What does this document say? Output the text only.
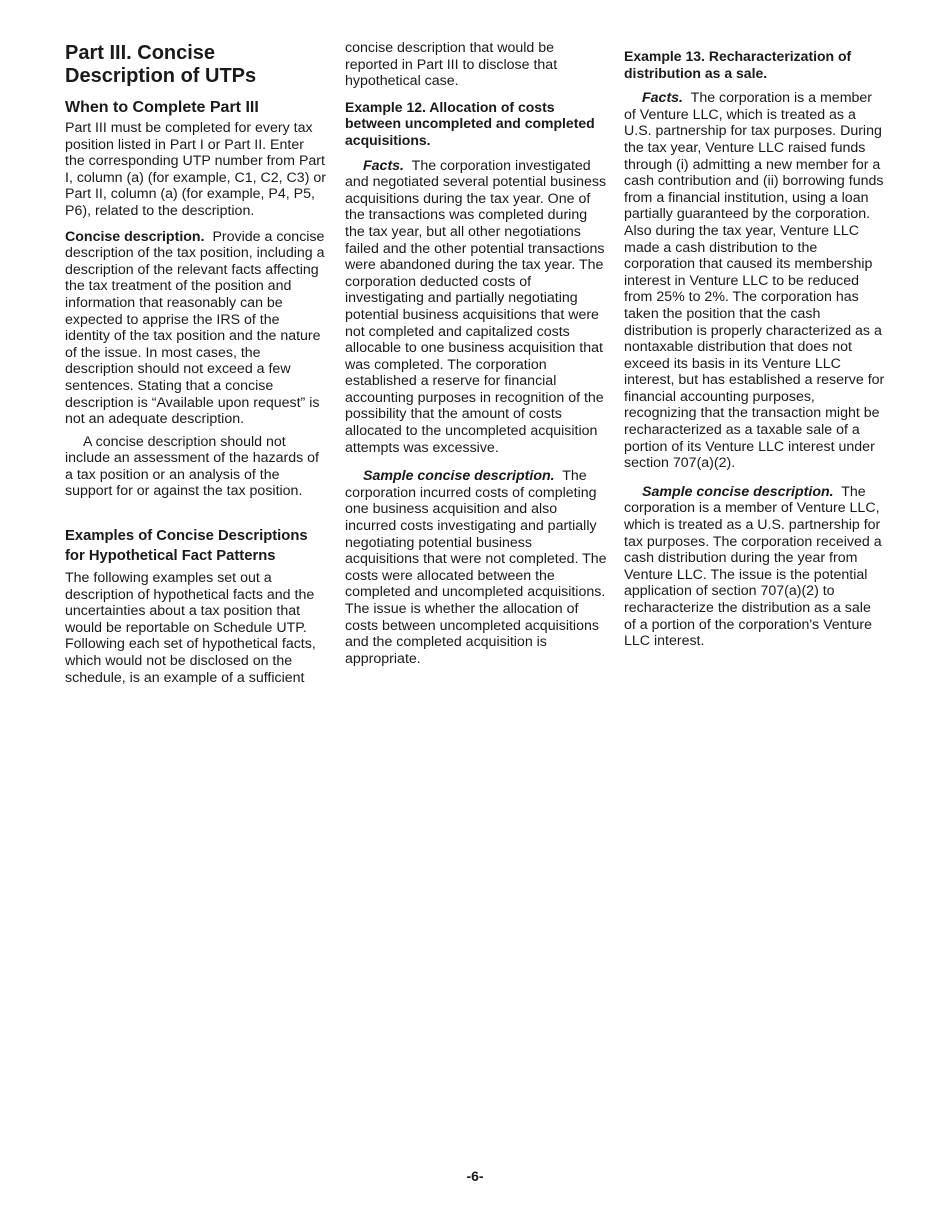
Part III. Concise Description of UTPs
When to Complete Part III

Part III must be completed for every tax position listed in Part I or Part II. Enter the corresponding UTP number from Part I, column (a) (for example, C1, C2, C3) or Part II, column (a) (for example, P4, P5, P6), related to the description.

Concise description. Provide a concise description of the tax position, including a description of the relevant facts affecting the tax treatment of the position and information that reasonably can be expected to apprise the IRS of the identity of the tax position and the nature of the issue. In most cases, the description should not exceed a few sentences. Stating that a concise description is “Available upon request” is not an adequate description.

A concise description should not include an assessment of the hazards of a tax position or an analysis of the support for or against the tax position.

Examples of Concise Descriptions for Hypothetical Fact Patterns

The following examples set out a description of hypothetical facts and the uncertainties about a tax position that would be reportable on Schedule UTP. Following each set of hypothetical facts, which would not be disclosed on the schedule, is an example of a sufficient

concise description that would be reported in Part III to disclose that hypothetical case.

Example 12. Allocation of costs between uncompleted and completed acquisitions.

Facts. The corporation investigated and negotiated several potential business acquisitions during the tax year. One of the transactions was completed during the tax year, but all other negotiations failed and the other potential transactions were abandoned during the tax year. The corporation deducted costs of investigating and partially negotiating potential business acquisitions that were not completed and capitalized costs allocable to one business acquisition that was completed. The corporation established a reserve for financial accounting purposes in recognition of the possibility that the amount of costs allocated to the uncompleted acquisition attempts was excessive.

Sample concise description. The corporation incurred costs of completing one business acquisition and also incurred costs investigating and partially negotiating potential business acquisitions that were not completed. The costs were allocated between the completed and uncompleted acquisitions. The issue is whether the allocation of costs between uncompleted acquisitions and the completed acquisition is appropriate.

Example 13. Recharacterization of distribution as a sale.

Facts. The corporation is a member of Venture LLC, which is treated as a U.S. partnership for tax purposes. During the tax year, Venture LLC raised funds through (i) admitting a new member for a cash contribution and (ii) borrowing funds from a financial institution, using a loan partially guaranteed by the corporation. Also during the tax year, Venture LLC made a cash distribution to the corporation that caused its membership interest in Venture LLC to be reduced from 25% to 2%. The corporation has taken the position that the cash distribution is properly characterized as a nontaxable distribution that does not exceed its basis in its Venture LLC interest, but has established a reserve for financial accounting purposes, recognizing that the transaction might be recharacterized as a taxable sale of a portion of its Venture LLC interest under section 707(a)(2).

Sample concise description. The corporation is a member of Venture LLC, which is treated as a U.S. partnership for tax purposes. The corporation received a cash distribution during the year from Venture LLC. The issue is the potential application of section 707(a)(2) to recharacterize the distribution as a sale of a portion of the corporation's Venture LLC interest.

-6-
